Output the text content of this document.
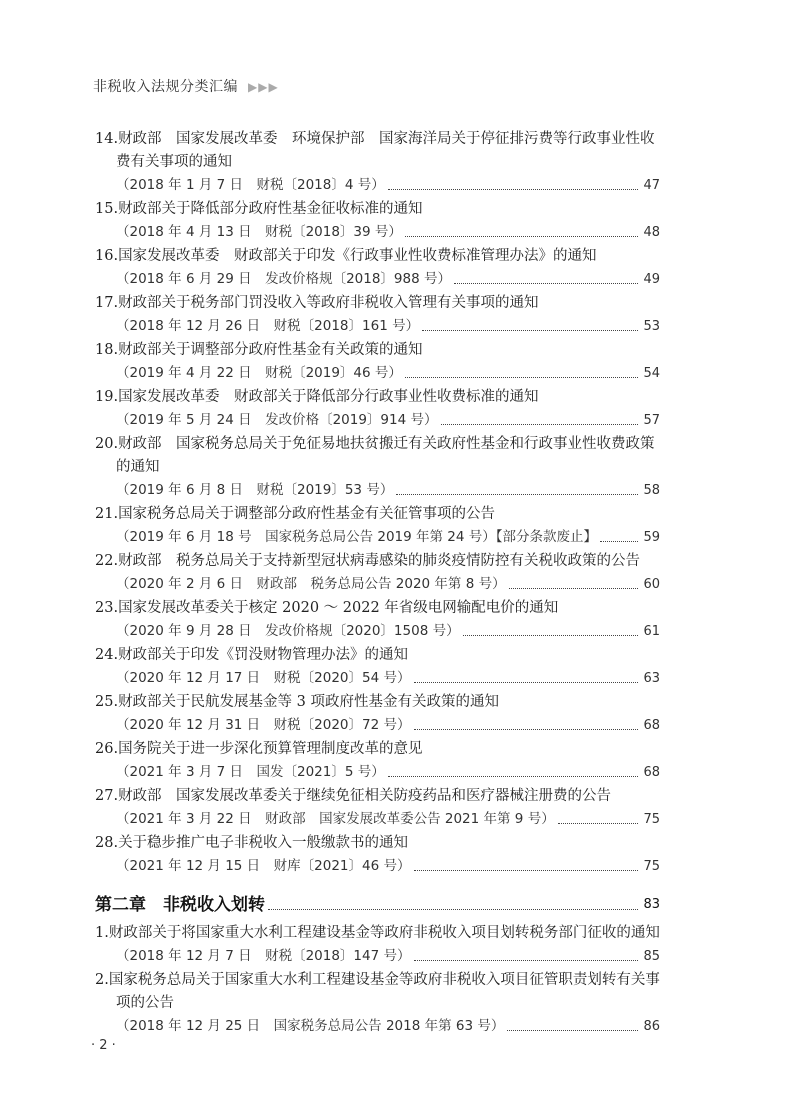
非税收入法规分类汇编 ▶▶▶
14.财政部　国家发展改革委　环境保护部　国家海洋局关于停征排污费等行政事业性收费有关事项的通知
（2018 年 1 月 7 日　财税〔2018〕4 号）	47
15.财政部关于降低部分政府性基金征收标准的通知
（2018 年 4 月 13 日　财税〔2018〕39 号）	48
16.国家发展改革委　财政部关于印发《行政事业性收费标准管理办法》的通知
（2018 年 6 月 29 日　发改价格规〔2018〕988 号）	49
17.财政部关于税务部门罚没收入等政府非税收入管理有关事项的通知
（2018 年 12 月 26 日　财税〔2018〕161 号）	53
18.财政部关于调整部分政府性基金有关政策的通知
（2019 年 4 月 22 日　财税〔2019〕46 号）	54
19.国家发展改革委　财政部关于降低部分行政事业性收费标准的通知
（2019 年 5 月 24 日　发改价格〔2019〕914 号）	57
20.财政部　国家税务总局关于免征易地扶贫搬迁有关政府性基金和行政事业性收费政策的通知
（2019 年 6 月 8 日　财税〔2019〕53 号）	58
21.国家税务总局关于调整部分政府性基金有关征管事项的公告
（2019 年 6 月 18 号　国家税务总局公告 2019 年第 24 号）【部分条款废止】	59
22.财政部　税务总局关于支持新型冠状病毒感染的肺炎疫情防控有关税收政策的公告
（2020 年 2 月 6 日　财政部　税务总局公告 2020 年第 8 号）	60
23.国家发展改革委关于核定 2020 ～ 2022 年省级电网输配电价的通知
（2020 年 9 月 28 日　发改价格规〔2020〕1508 号）	61
24.财政部关于印发《罚没财物管理办法》的通知
（2020 年 12 月 17 日　财税〔2020〕54 号）	63
25.财政部关于民航发展基金等 3 项政府性基金有关政策的通知
（2020 年 12 月 31 日　财税〔2020〕72 号）	68
26.国务院关于进一步深化预算管理制度改革的意见
（2021 年 3 月 7 日　国发〔2021〕5 号）	68
27.财政部　国家发展改革委关于继续免征相关防疫药品和医疗器械注册费的公告
（2021 年 3 月 22 日　财政部　国家发展改革委公告 2021 年第 9 号）	75
28.关于稳步推广电子非税收入一般缴款书的通知
（2021 年 12 月 15 日　财库〔2021〕46 号）	75
第二章　非税收入划转	83
1.财政部关于将国家重大水利工程建设基金等政府非税收入项目划转税务部门征收的通知
（2018 年 12 月 7 日　财税〔2018〕147 号）	85
2.国家税务总局关于国家重大水利工程建设基金等政府非税收入项目征管职责划转有关事项的公告
（2018 年 12 月 25 日　国家税务总局公告 2018 年第 63 号）	86
· 2 ·
